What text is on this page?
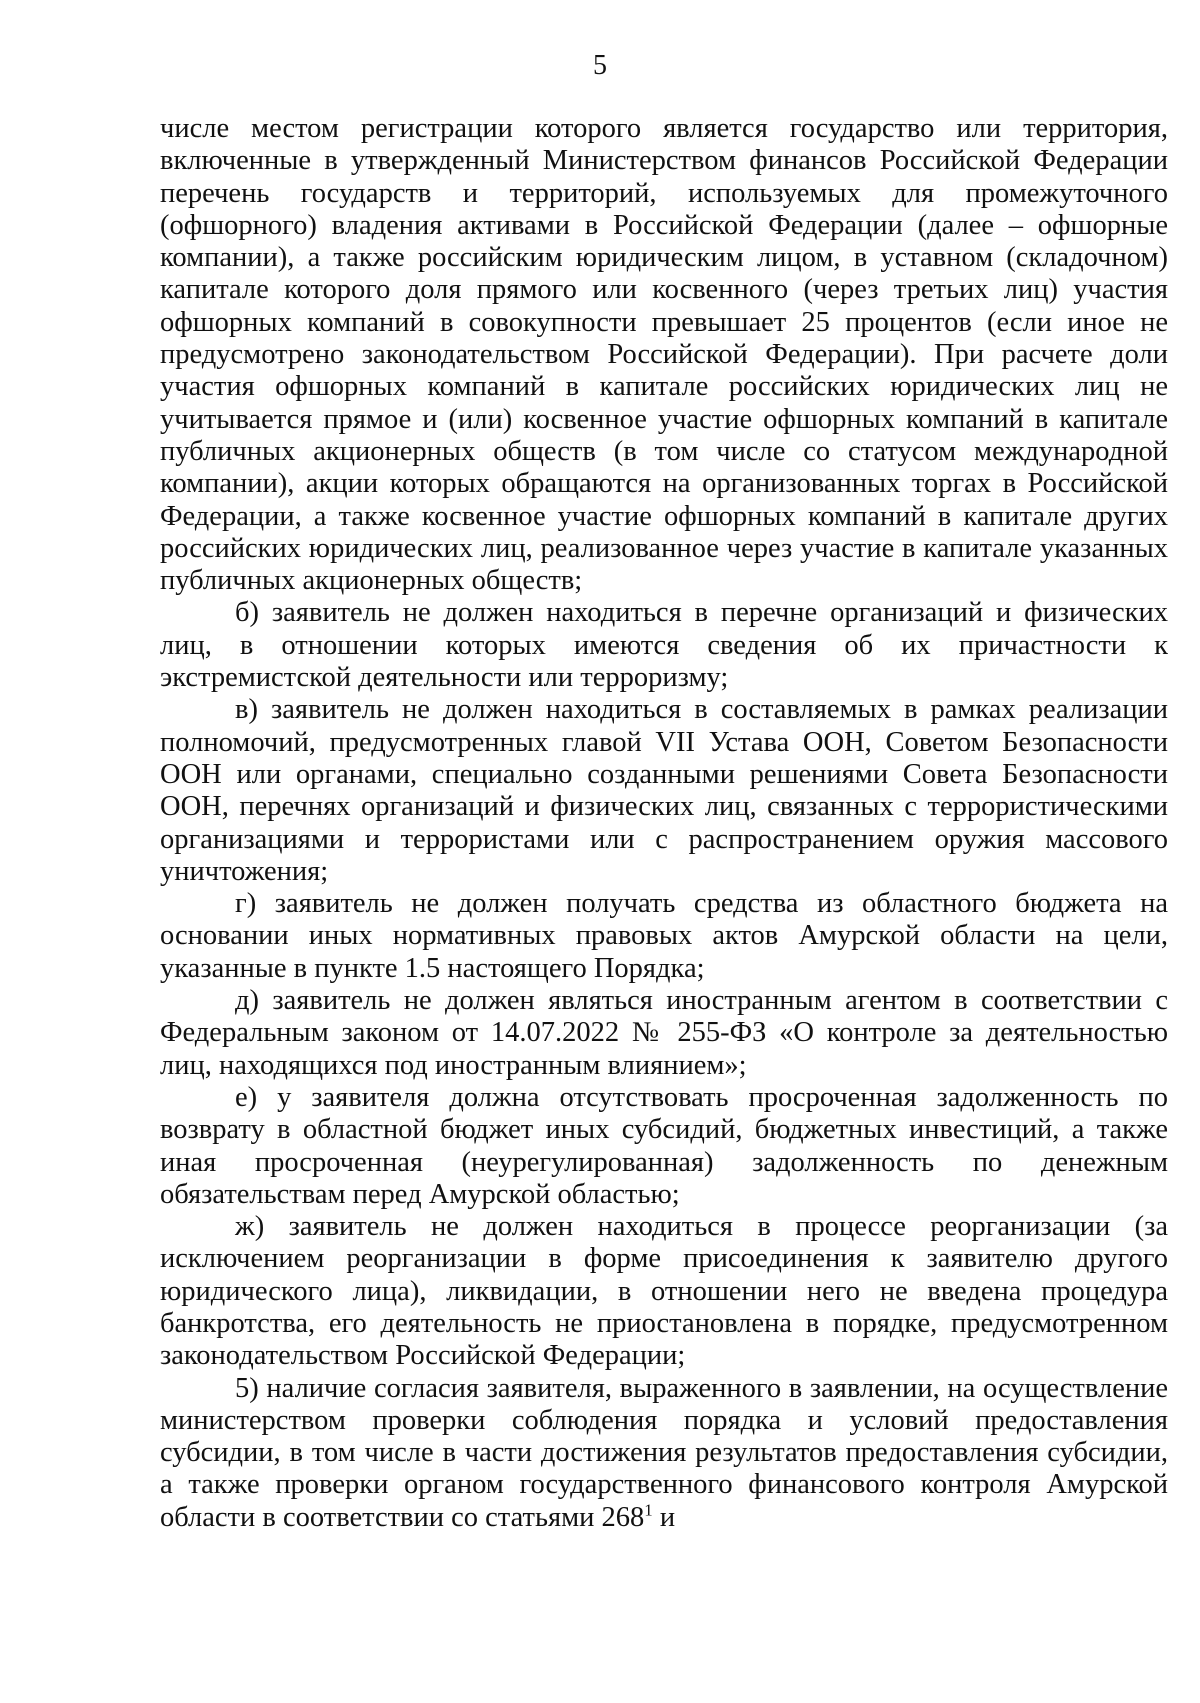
5

числе местом регистрации которого является государство или территория, включенные в утвержденный Министерством финансов Российской Федерации перечень государств и территорий, используемых для промежуточного (офшорного) владения активами в Российской Федерации (далее – офшорные компании), а также российским юридическим лицом, в уставном (складочном) капитале которого доля прямого или косвенного (через третьих лиц) участия офшорных компаний в совокупности превышает 25 процентов (если иное не предусмотрено законодательством Российской Федерации). При расчете доли участия офшорных компаний в капитале российских юридических лиц не учитывается прямое и (или) косвенное участие офшорных компаний в капитале публичных акционерных обществ (в том числе со статусом международной компании), акции которых обращаются на организованных торгах в Российской Федерации, а также косвенное участие офшорных компаний в капитале других российских юридических лиц, реализованное через участие в капитале указанных публичных акционерных обществ;

б) заявитель не должен находиться в перечне организаций и физических лиц, в отношении которых имеются сведения об их причастности к экстремистской деятельности или терроризму;

в) заявитель не должен находиться в составляемых в рамках реализации полномочий, предусмотренных главой VII Устава ООН, Советом Безопасности ООН или органами, специально созданными решениями Совета Безопасности ООН, перечнях организаций и физических лиц, связанных с террористическими организациями и террористами или с распространением оружия массового уничтожения;

г) заявитель не должен получать средства из областного бюджета на основании иных нормативных правовых актов Амурской области на цели, указанные в пункте 1.5 настоящего Порядка;

д) заявитель не должен являться иностранным агентом в соответствии с Федеральным законом от 14.07.2022 № 255-ФЗ «О контроле за деятельностью лиц, находящихся под иностранным влиянием»;

е) у заявителя должна отсутствовать просроченная задолженность по возврату в областной бюджет иных субсидий, бюджетных инвестиций, а также иная просроченная (неурегулированная) задолженность по денежным обязательствам перед Амурской областью;

ж) заявитель не должен находиться в процессе реорганизации (за исключением реорганизации в форме присоединения к заявителю другого юридического лица), ликвидации, в отношении него не введена процедура банкротства, его деятельность не приостановлена в порядке, предусмотренном законодательством Российской Федерации;

5) наличие согласия заявителя, выраженного в заявлении, на осуществление министерством проверки соблюдения порядка и условий предоставления субсидии, в том числе в части достижения результатов предоставления субсидии, а также проверки органом государственного финансового контроля Амурской области в соответствии со статьями $268^1$ и
